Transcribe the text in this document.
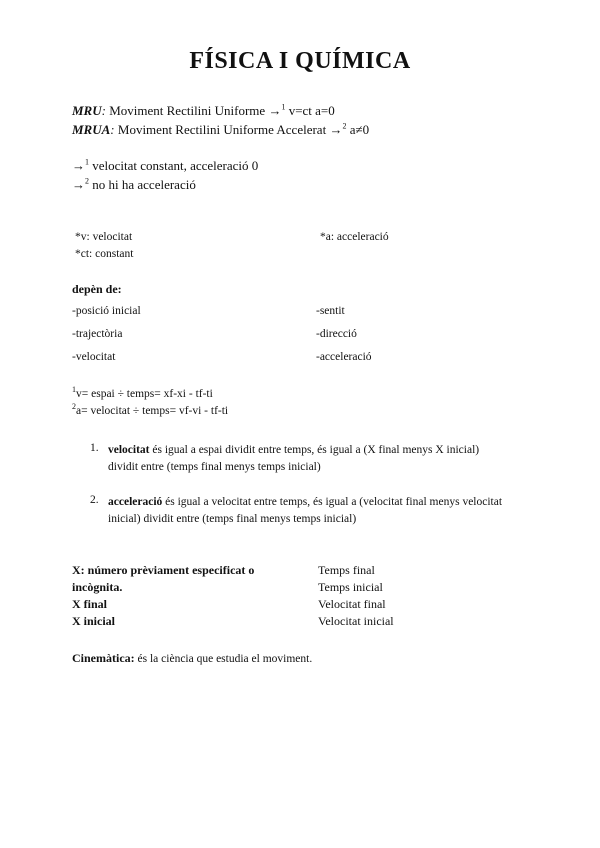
FÍSICA I QUÍMICA
MRU: Moviment Rectilini Uniforme →$^1$ v=ct a=0
MRUA: Moviment Rectilini Uniforme Accelerat →$^2$ a≠0
→$^1$ velocitat constant, acceleració 0
→$^2$ no hi ha acceleració
*v: velocitat	*a: acceleració
*ct: constant
depèn de:
-posició inicial
-trajectòria
-velocitat
-sentit
-direcció
-acceleració
$^1$v= espai ÷ temps= xf-xi - tf-ti
$^2$a= velocitat ÷ temps= vf-vi - tf-ti
1. velocitat és igual a espai dividit entre temps, és igual a (X final menys X inicial) dividit entre (temps final menys temps inicial)
2. acceleració és igual a velocitat entre temps, és igual a (velocitat final menys velocitat inicial) dividit entre (temps final menys temps inicial)
X: número prèviament especificat o
incògnita.
X final
X inicial
Temps final
Temps inicial
Velocitat final
Velocitat inicial
Cinemàtica: és la ciència que estudia el moviment.
